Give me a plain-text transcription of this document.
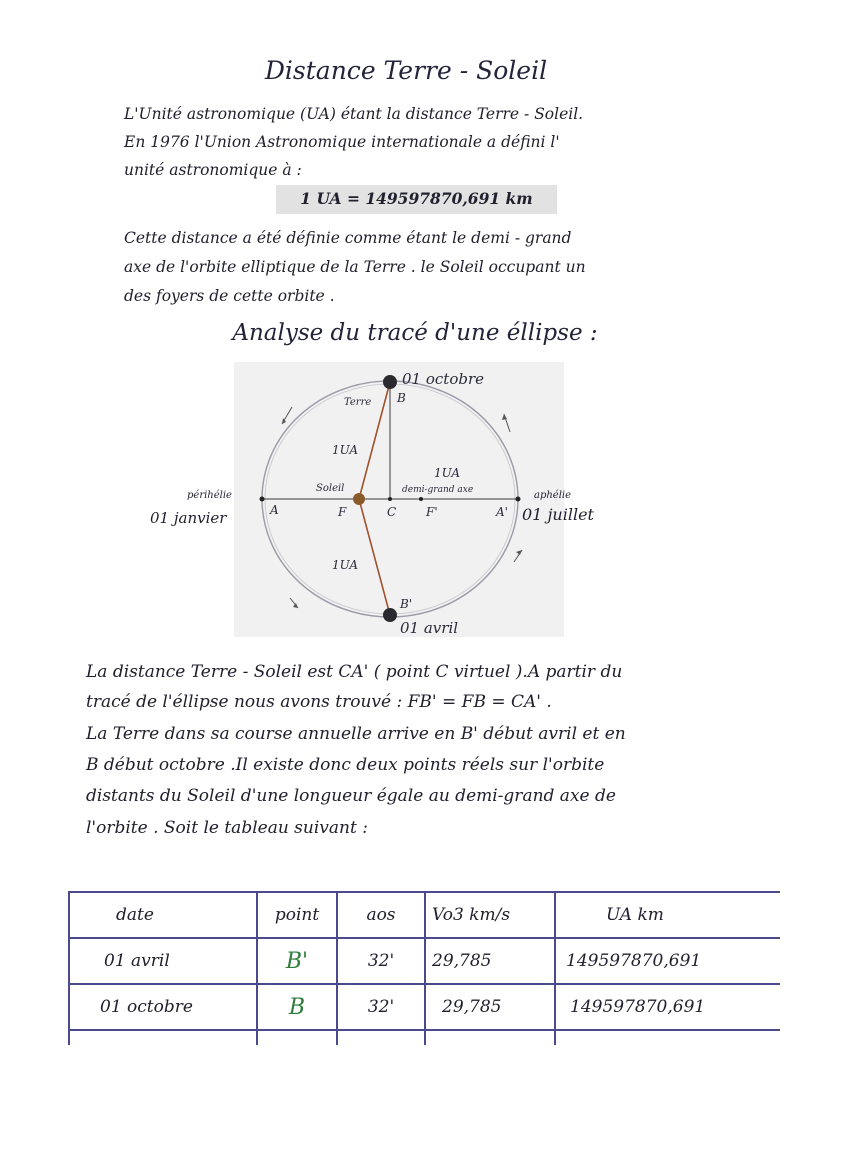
Distance Terre - Soleil
L'Unité astronomique (UA) étant la distance Terre - Soleil.
En 1976 l'Union Astronomique internationale a défini l'
unité astronomique à :
1 UA = 149597870,691 km
Cette distance a été définie comme étant le demi - grand
axe de l'orbite elliptique de la Terre . le Soleil occupant un
des foyers de cette orbite .
Analyse du tracé d'une éllipse :
01 octobre
01 avril
Terre B
B'
1UA
1UA
1UA
demi-grand axe
Soleil
A	F	C F'	A'
périhélie
01 janvier
aphélie
01 juillet
La distance Terre - Soleil est CA' ( point C virtuel ).A partir du
tracé de l'éllipse nous avons trouvé : FB' = FB = CA' .
La Terre dans sa course annuelle arrive en B' début avril et en
B début octobre .Il existe donc deux points réels sur l'orbite
distants du Soleil d'une longueur égale au demi-grand axe de
l'orbite . Soit le tableau suivant :
date	point	aos	Vo3 km/s	UA km
01 avril	B'	32'	29,785	149597870,691
01 octobre	B	32'	29,785	149597870,691
